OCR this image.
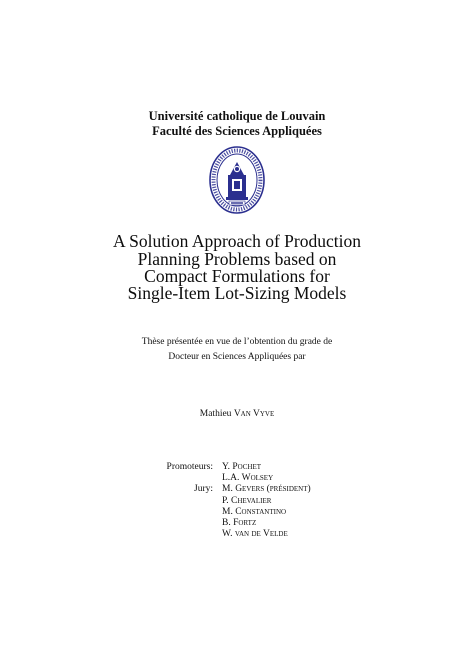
Université catholique de Louvain
Faculté des Sciences Appliquées
A Solution Approach of Production
Planning Problems based on
Compact Formulations for
Single-Item Lot-Sizing Models
Thèse présentée en vue de l’obtention du grade de
Docteur en Sciences Appliquées par
Mathieu Van Vyve
Promoteurs: Y. Pochet
L.A. Wolsey
Jury: M. Gevers (président)
P. Chevalier
M. Constantino
B. Fortz
W. van de Velde
